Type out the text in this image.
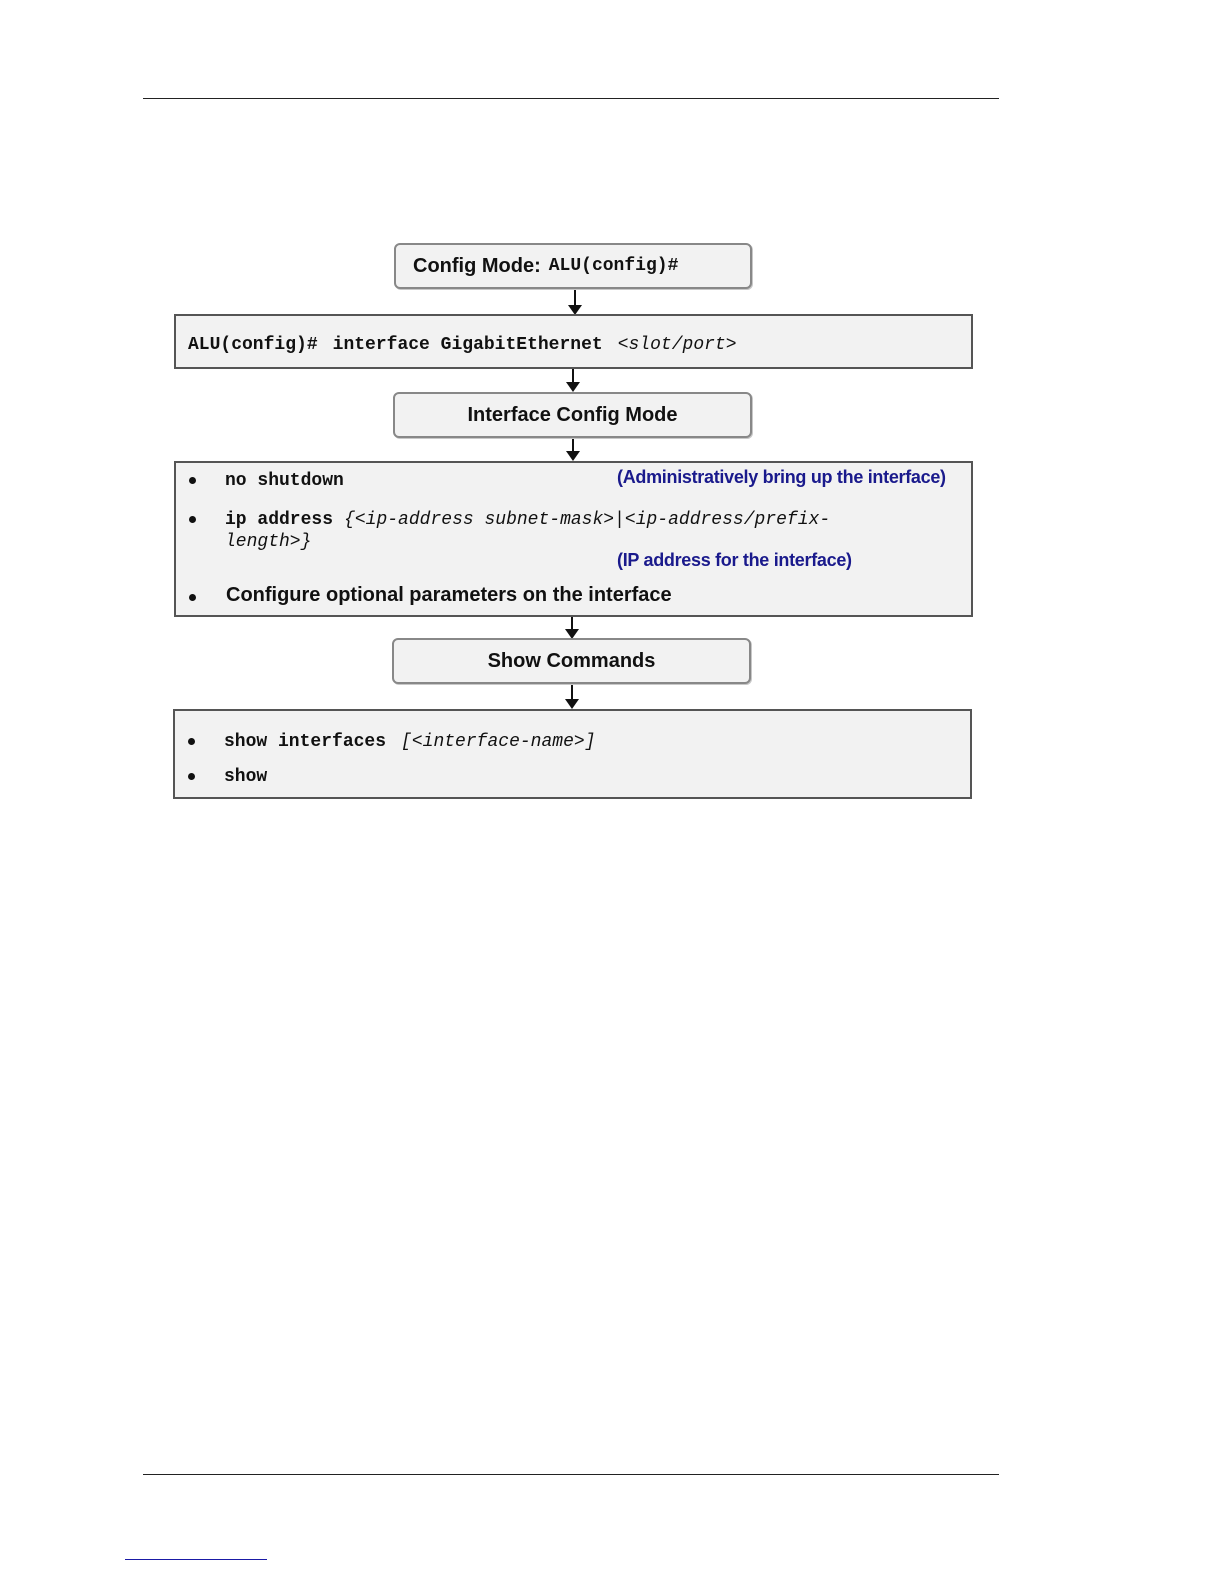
Config Mode: ALU(config)#
ALU(config)# interface GigabitEthernet <slot/port>
Interface Config Mode
no shutdown	(Administratively bring up the interface)
ip address {<ip-address subnet-mask>|<ip-address/prefix-
length>}
(IP address for the interface)
Configure optional parameters on the interface
Show Commands
show interfaces [<interface-name>]
show
